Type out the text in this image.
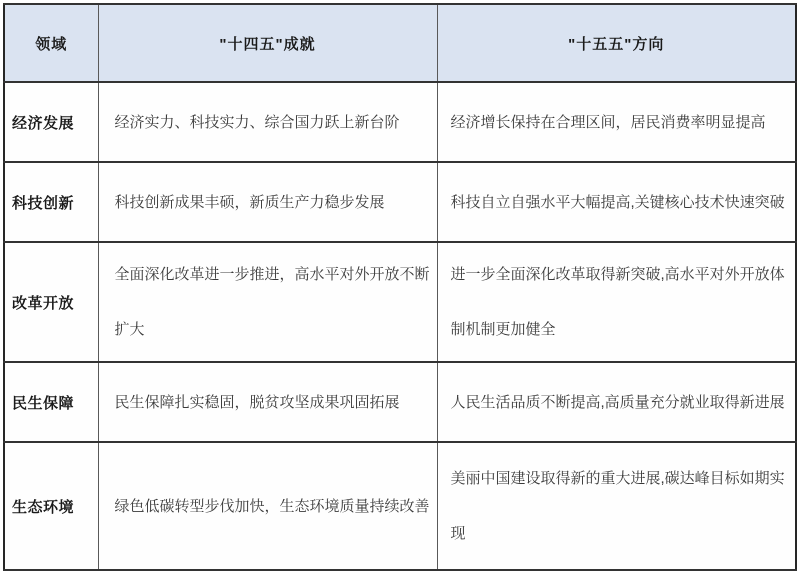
领域	"十四五"成就	"十五五"方向
经济发展	经济实力、科技实力、综合国力跃上新台阶	经济增长保持在合理区间，居民消费率明显提高
科技创新	科技创新成果丰硕，新质生产力稳步发展	科技自立自强水平大幅提高,关键核心技术快速突破
改革开放	全面深化改革进一步推进，高水平对外开放不断扩大	进一步全面深化改革取得新突破,高水平对外开放体制机制更加健全
民生保障	民生保障扎实稳固，脱贫攻坚成果巩固拓展	人民生活品质不断提高,高质量充分就业取得新进展
生态环境	绿色低碳转型步伐加快，生态环境质量持续改善	美丽中国建设取得新的重大进展,碳达峰目标如期实现
